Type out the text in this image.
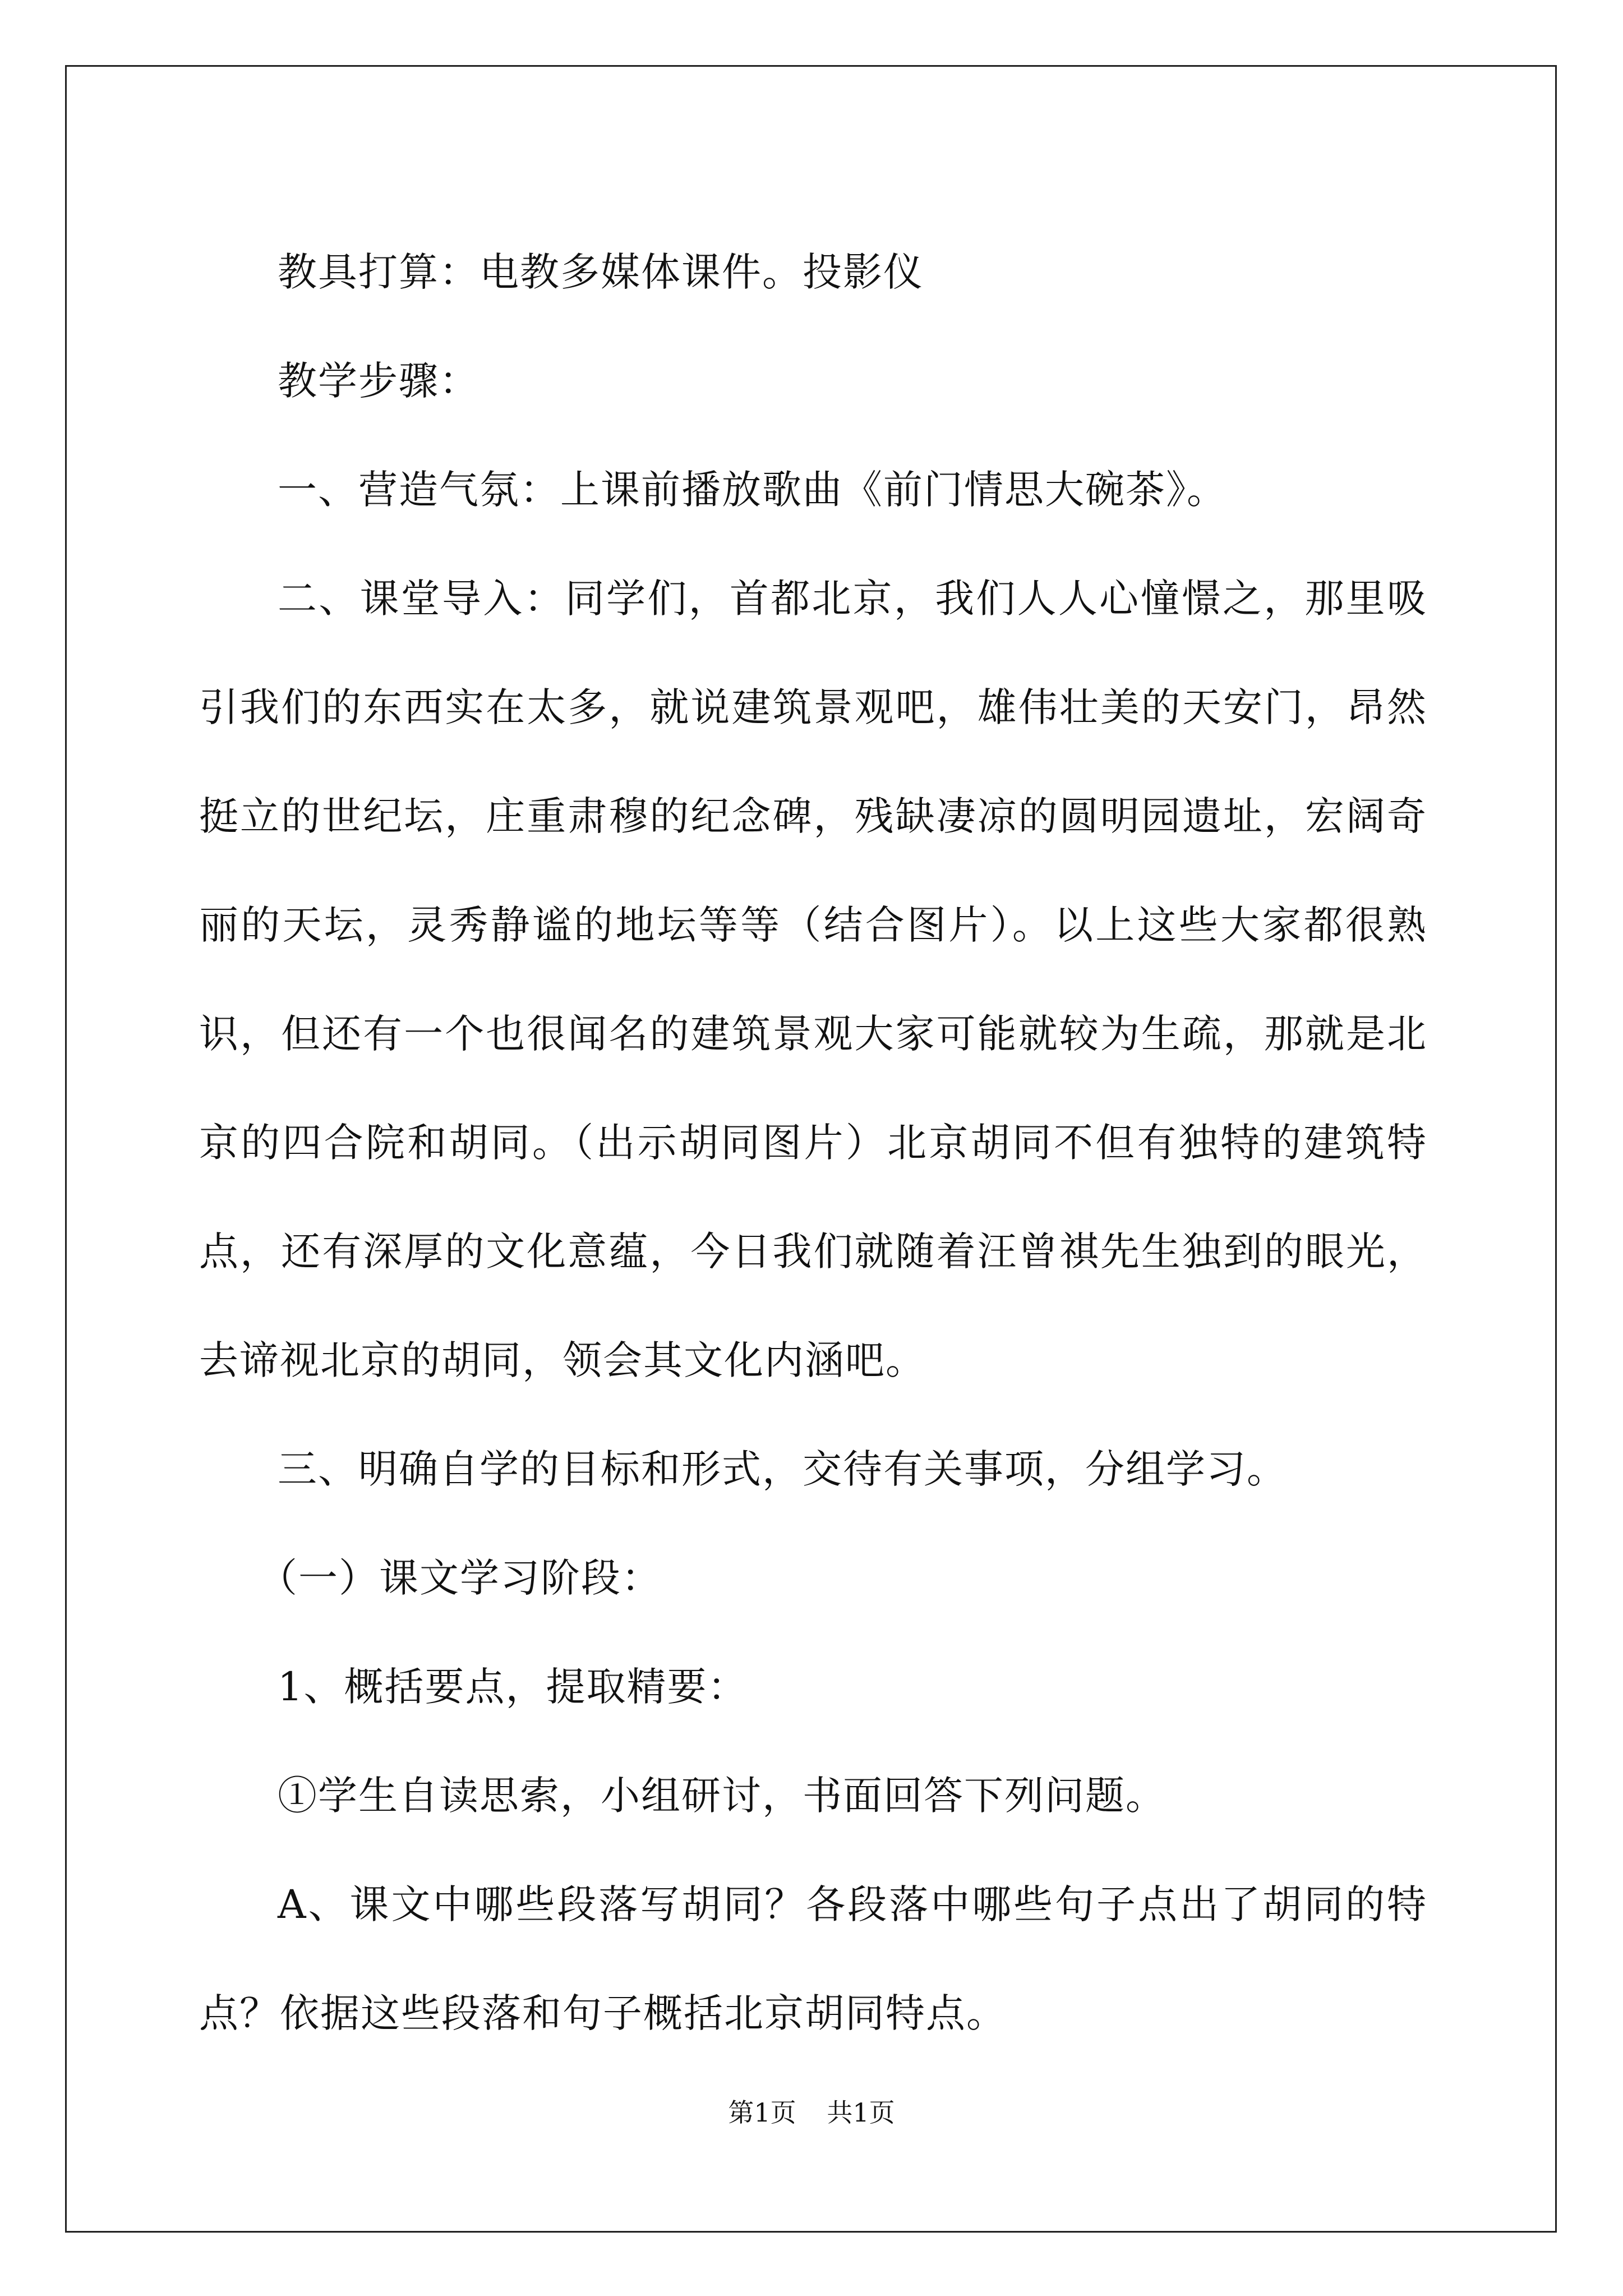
教具打算：电教多媒体课件。投影仪

教学步骤：

一、营造气氛：上课前播放歌曲《前门情思大碗茶》。

二、课堂导入：同学们，首都北京，我们人人心憧憬之，那里吸引我们的东西实在太多，就说建筑景观吧，雄伟壮美的天安门，昂然挺立的世纪坛，庄重肃穆的纪念碑，残缺凄凉的圆明园遗址，宏阔奇丽的天坛，灵秀静谧的地坛等等（结合图片）。以上这些大家都很熟识，但还有一个也很闻名的建筑景观大家可能就较为生疏，那就是北京的四合院和胡同。（出示胡同图片）北京胡同不但有独特的建筑特点，还有深厚的文化意蕴，今日我们就随着汪曾祺先生独到的眼光，去谛视北京的胡同，领会其文化内涵吧。

三、明确自学的目标和形式，交待有关事项，分组学习。

（一）课文学习阶段：

1、概括要点，提取精要：

①学生自读思索，小组研讨，书面回答下列问题。

A、课文中哪些段落写胡同？各段落中哪些句子点出了胡同的特点？依据这些段落和句子概括北京胡同特点。

第1页 共1页
